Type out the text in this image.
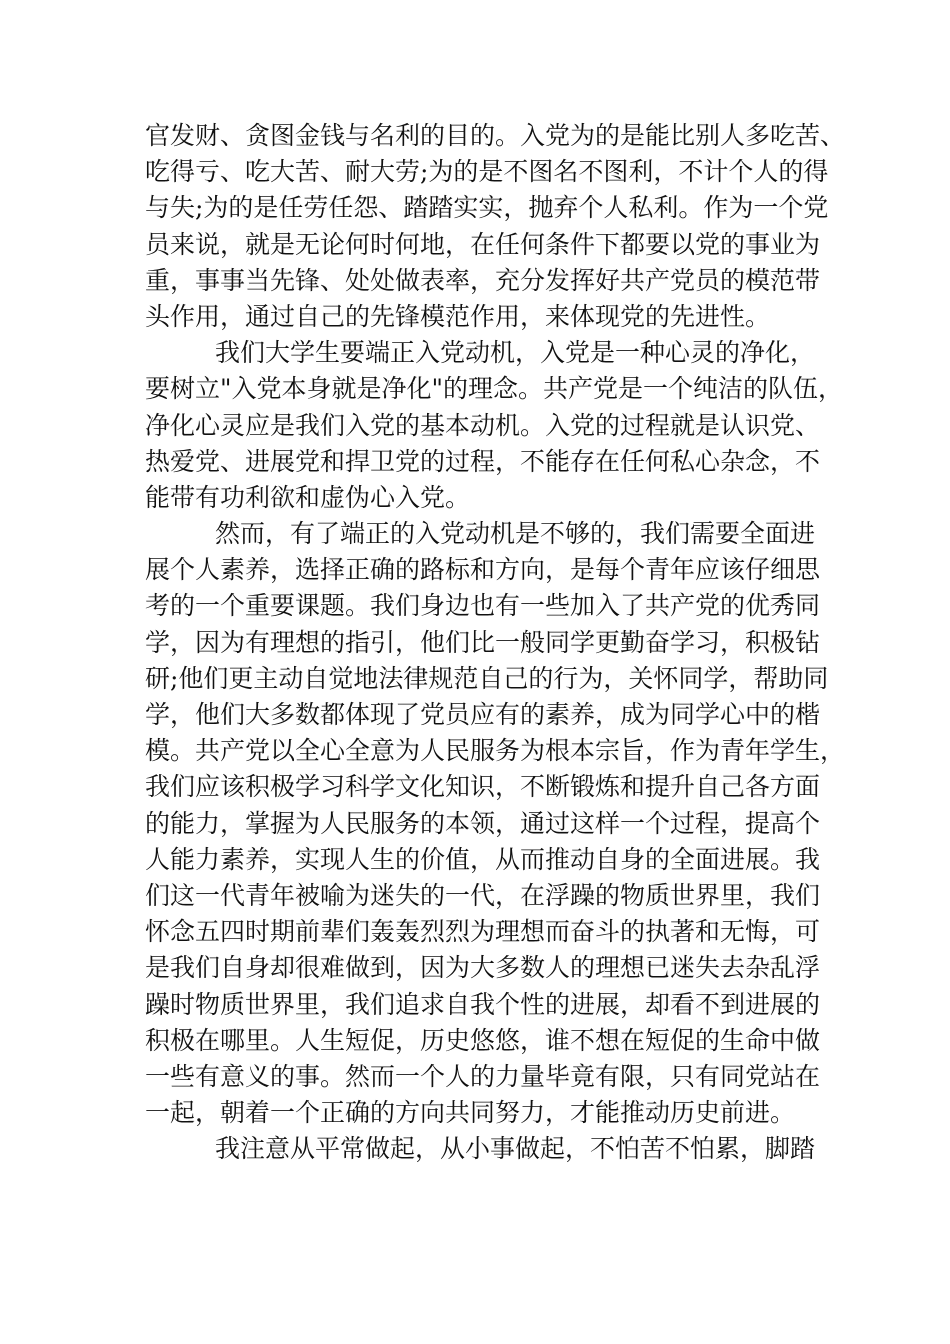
官发财、贪图金钱与名利的目的。入党为的是能比别人多吃苦、
吃得亏、吃大苦、耐大劳;为的是不图名不图利，不计个人的得
与失;为的是任劳任怨、踏踏实实，抛弃个人私利。作为一个党
员来说，就是无论何时何地，在任何条件下都要以党的事业为
重，事事当先锋、处处做表率，充分发挥好共产党员的模范带
头作用，通过自己的先锋模范作用，来体现党的先进性。
我们大学生要端正入党动机，入党是一种心灵的净化，
要树立"入党本身就是净化"的理念。共产党是一个纯洁的队伍，
净化心灵应是我们入党的基本动机。入党的过程就是认识党、
热爱党、进展党和捍卫党的过程，不能存在任何私心杂念，不
能带有功利欲和虚伪心入党。
然而，有了端正的入党动机是不够的，我们需要全面进
展个人素养，选择正确的路标和方向，是每个青年应该仔细思
考的一个重要课题。我们身边也有一些加入了共产党的优秀同
学，因为有理想的指引，他们比一般同学更勤奋学习，积极钻
研;他们更主动自觉地法律规范自己的行为，关怀同学，帮助同
学，他们大多数都体现了党员应有的素养，成为同学心中的楷
模。共产党以全心全意为人民服务为根本宗旨，作为青年学生，
我们应该积极学习科学文化知识，不断锻炼和提升自己各方面
的能力，掌握为人民服务的本领，通过这样一个过程，提高个
人能力素养，实现人生的价值，从而推动自身的全面进展。我
们这一代青年被喻为迷失的一代，在浮躁的物质世界里，我们
怀念五四时期前辈们轰轰烈烈为理想而奋斗的执著和无悔，可
是我们自身却很难做到，因为大多数人的理想已迷失去杂乱浮
躁时物质世界里，我们追求自我个性的进展，却看不到进展的
积极在哪里。人生短促，历史悠悠，谁不想在短促的生命中做
一些有意义的事。然而一个人的力量毕竟有限，只有同党站在
一起，朝着一个正确的方向共同努力，才能推动历史前进。
我注意从平常做起，从小事做起，不怕苦不怕累，脚踏
